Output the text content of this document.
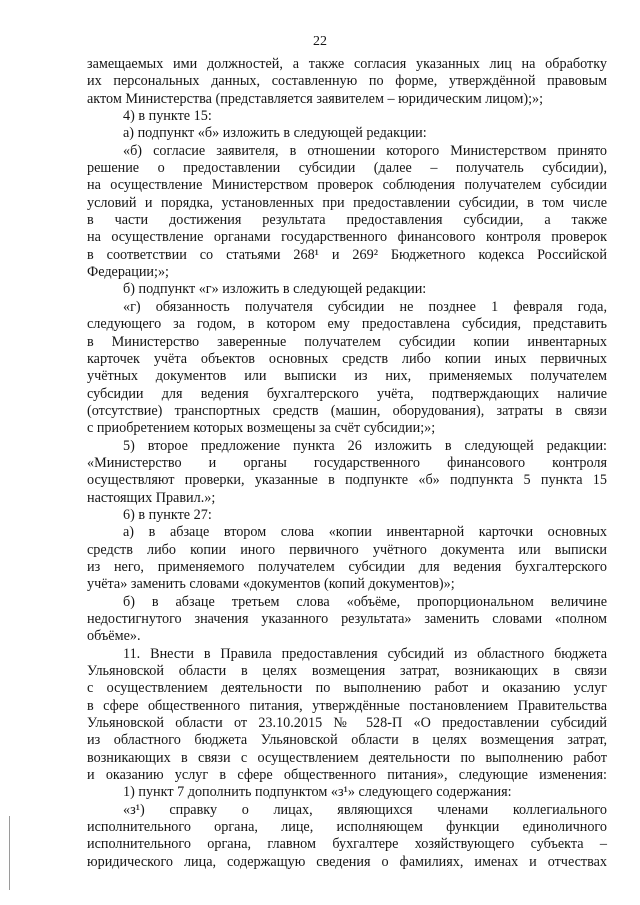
22
замещаемых ими должностей, а также согласия указанных лиц на обработку
их персональных данных, составленную по форме, утверждённой правовым
актом Министерства (представляется заявителем – юридическим лицом);»;
4) в пункте 15:
а) подпункт «б» изложить в следующей редакции:
«б) согласие заявителя, в отношении которого Министерством принято
решение о предоставлении субсидии (далее – получатель субсидии),
на осуществление Министерством проверок соблюдения получателем субсидии
условий и порядка, установленных при предоставлении субсидии, в том числе
в части достижения результата предоставления субсидии, а также
на осуществление органами государственного финансового контроля проверок
в соответствии со статьями 268¹ и 269² Бюджетного кодекса Российской
Федерации;»;
б) подпункт «г» изложить в следующей редакции:
«г) обязанность получателя субсидии не позднее 1 февраля года,
следующего за годом, в котором ему предоставлена субсидия, представить
в Министерство заверенные получателем субсидии копии инвентарных
карточек учёта объектов основных средств либо копии иных первичных
учётных документов или выписки из них, применяемых получателем
субсидии для ведения бухгалтерского учёта, подтверждающих наличие
(отсутствие) транспортных средств (машин, оборудования), затраты в связи
с приобретением которых возмещены за счёт субсидии;»;
5) второе предложение пункта 26 изложить в следующей редакции:
«Министерство и органы государственного финансового контроля
осуществляют проверки, указанные в подпункте «б» подпункта 5 пункта 15
настоящих Правил.»;
6) в пункте 27:
а) в абзаце втором слова «копии инвентарной карточки основных
средств либо копии иного первичного учётного документа или выписки
из него, применяемого получателем субсидии для ведения бухгалтерского
учёта» заменить словами «документов (копий документов)»;
б) в абзаце третьем слова «объёме, пропорциональном величине
недостигнутого значения указанного результата» заменить словами «полном
объёме».
11. Внести в Правила предоставления субсидий из областного бюджета
Ульяновской области в целях возмещения затрат, возникающих в связи
с осуществлением деятельности по выполнению работ и оказанию услуг
в сфере общественного питания, утверждённые постановлением Правительства
Ульяновской области от 23.10.2015 № 528-П «О предоставлении субсидий
из областного бюджета Ульяновской области в целях возмещения затрат,
возникающих в связи с осуществлением деятельности по выполнению работ
и оказанию услуг в сфере общественного питания», следующие изменения:
1) пункт 7 дополнить подпунктом «з¹» следующего содержания:
«з¹) справку о лицах, являющихся членами коллегиального
исполнительного органа, лице, исполняющем функции единоличного
исполнительного органа, главном бухгалтере хозяйствующего субъекта –
юридического лица, содержащую сведения о фамилиях, именах и отчествах
